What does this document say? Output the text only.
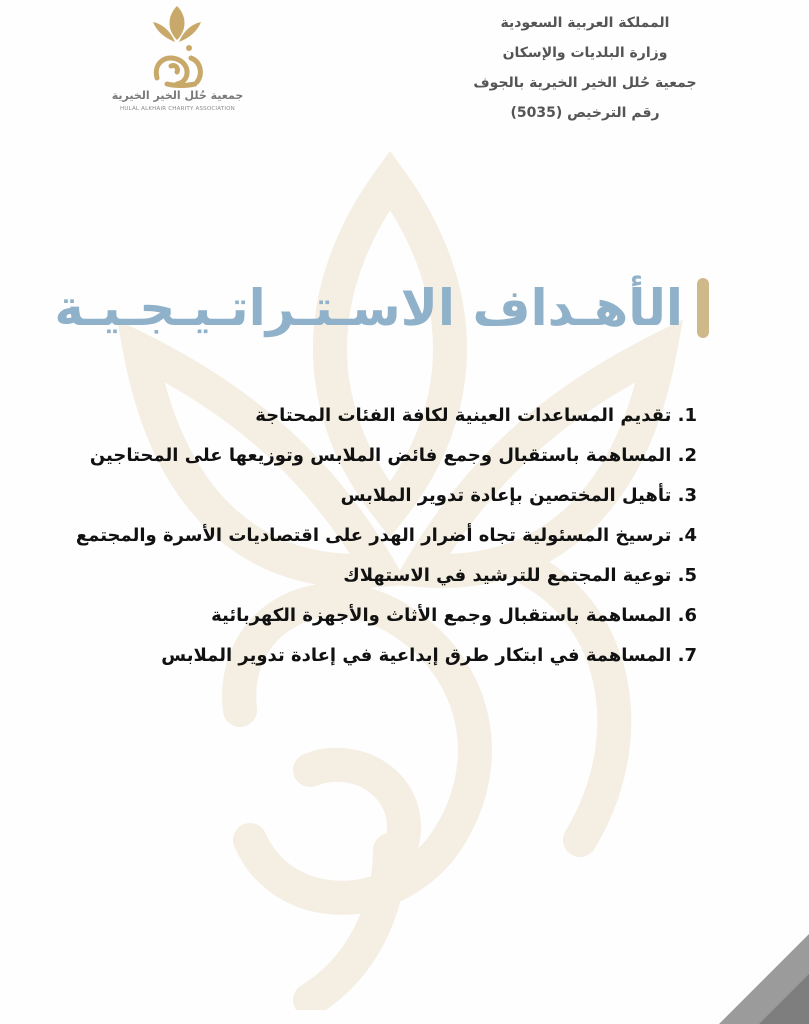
المملكة العربية السعودية
وزارة البلديات والإسكان
جمعية حُلل الخير الخيرية بالجوف
رقم الترخيص (5035)
جمعية حُلل الخير الخيرية
HULAL ALKHAIR CHARITY ASSOCIATION
الأهـداف الاسـتـراتـيـجـيـة
1. تقديم المساعدات العينية لكافة الفئات المحتاجة
2. المساهمة باستقبال وجمع فائض الملابس وتوزيعها على المحتاجين
3. تأهيل المختصين بإعادة تدوير الملابس
4. ترسيخ المسئولية تجاه أضرار الهدر على اقتصاديات الأسرة والمجتمع
5. توعية المجتمع للترشيد في الاستهلاك
6. المساهمة باستقبال وجمع الأثاث والأجهزة الكهربائية
7. المساهمة في ابتكار طرق إبداعية في إعادة تدوير الملابس
